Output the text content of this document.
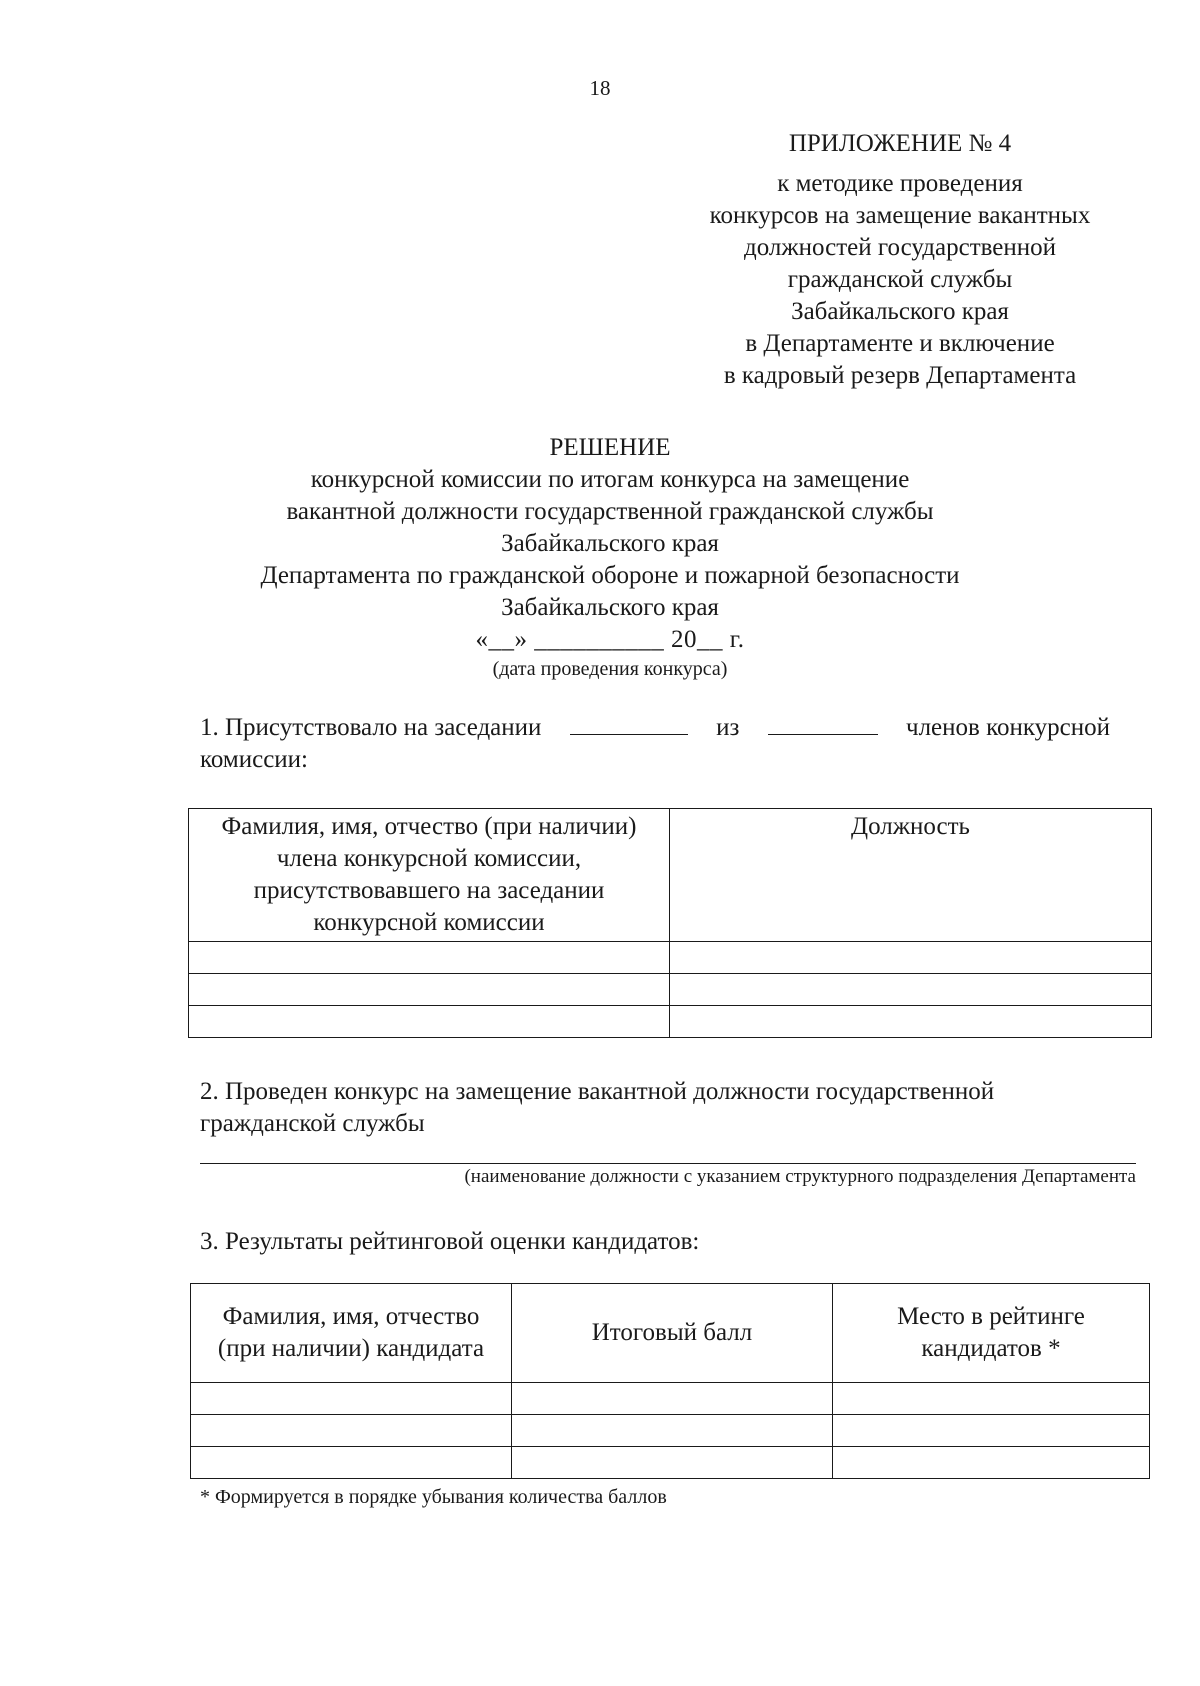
18
ПРИЛОЖЕНИЕ № 4
к методике проведения
конкурсов на замещение вакантных
должностей государственной
гражданской службы
Забайкальского края
в Департаменте и включение
в кадровый резерв Департамента
РЕШЕНИЕ
конкурсной комиссии по итогам конкурса на замещение
вакантной должности государственной гражданской службы
Забайкальского края
Департамента по гражданской обороне и пожарной безопасности
Забайкальского края
«__» __________ 20__ г.
(дата проведения конкурса)
1. Присутствовало на заседании	из	членов конкурсной
комиссии:
Фамилия, имя, отчество (при наличии) члена конкурсной комиссии, присутствовавшего на заседании конкурсной комиссии	Должность

2. Проведен конкурс на замещение вакантной должности государственной гражданской службы
(наименование должности с указанием структурного подразделения Департамента
3. Результаты рейтинговой оценки кандидатов:
Фамилия, имя, отчество (при наличии) кандидата	Итоговый балл	Место в рейтинге кандидатов *

* Формируется в порядке убывания количества баллов
